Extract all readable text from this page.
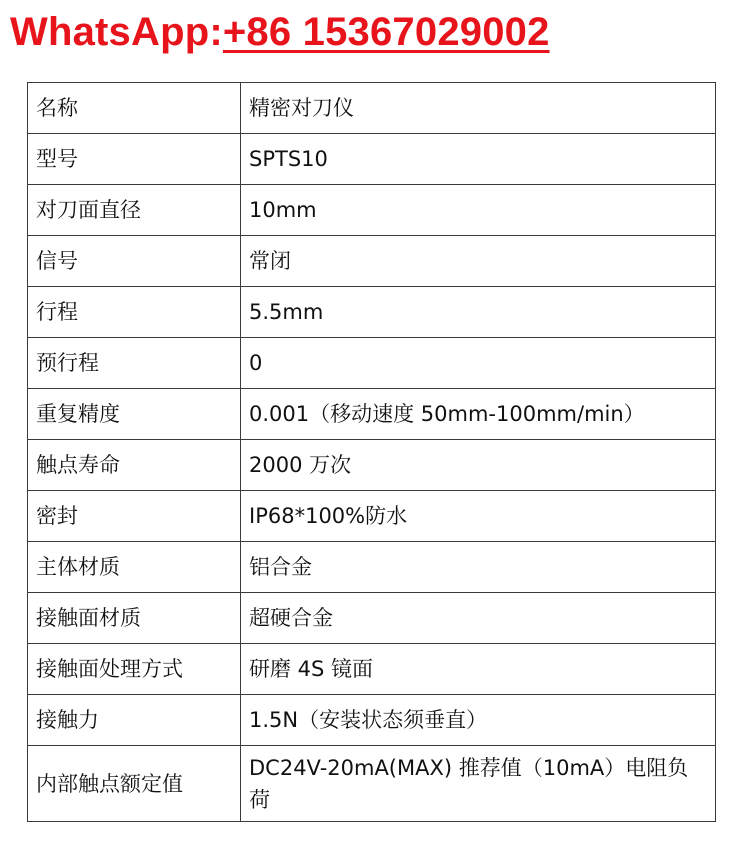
WhatsApp:+86 15367029002
名称	精密对刀仪
型号	SPTS10
对刀面直径	10mm
信号	常闭
行程	5.5mm
预行程	0
重复精度	0.001（移动速度 50mm-100mm/min）
触点寿命	2000 万次
密封	IP68*100%防水
主体材质	铝合金
接触面材质	超硬合金
接触面处理方式	研磨 4S 镜面
接触力	1.5N（安装状态须垂直）
内部触点额定值	DC24V-20mA(MAX) 推荐值（10mA）电阻负荷
